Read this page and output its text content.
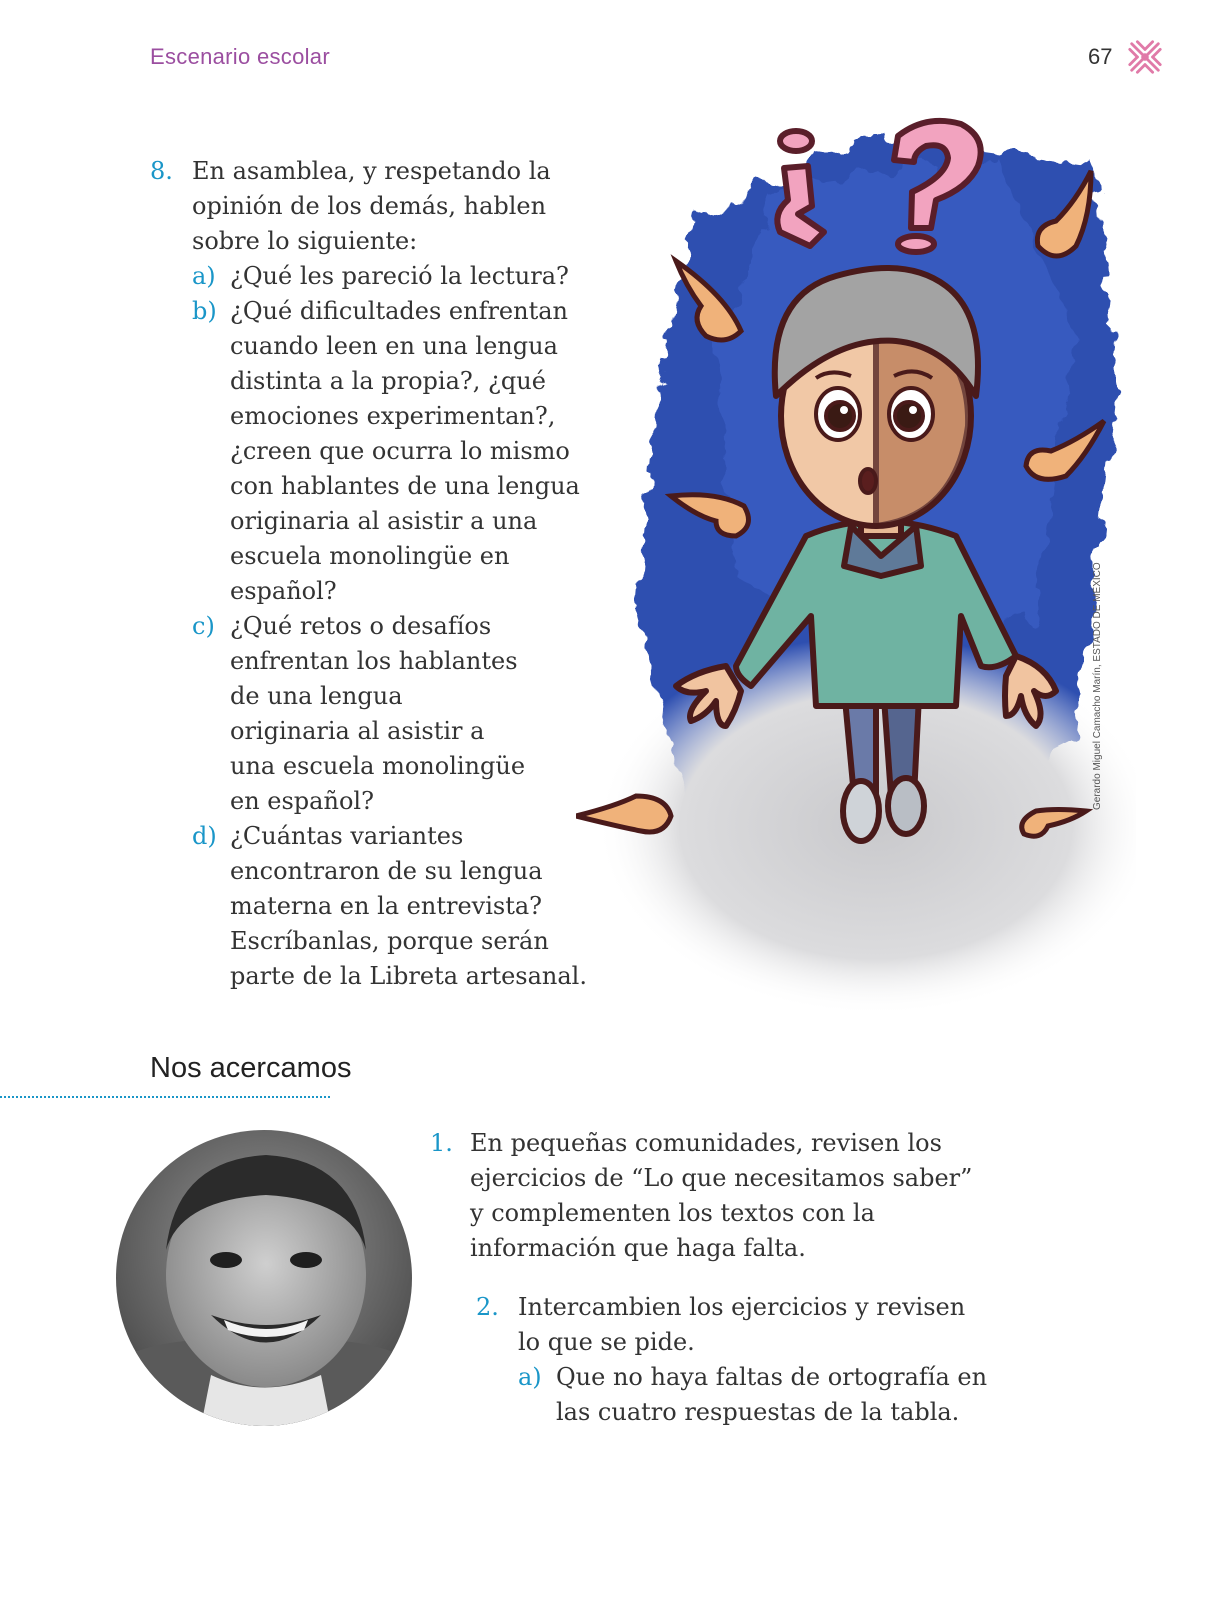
Escenario escolar	67
8. En asamblea, y respetando la opinión de los demás, hablen sobre lo siguiente:
a) ¿Qué les pareció la lectura?
b) ¿Qué dificultades enfrentan cuando leen en una lengua distinta a la propia?, ¿qué emociones experimentan?, ¿creen que ocurra lo mismo con hablantes de una lengua originaria al asistir a una escuela monolingüe en español?
c) ¿Qué retos o desafíos enfrentan los hablantes de una lengua originaria al asistir a una escuela monolingüe en español?
d) ¿Cuántas variantes encontraron de su lengua materna en la entrevista? Escríbanlas, porque serán parte de la Libreta artesanal.
Gerardo Miguel Camacho Marín, ESTADO DE MÉXICO
Nos acercamos
1. En pequeñas comunidades, revisen los ejercicios de “Lo que necesitamos saber” y complementen los textos con la información que haga falta.
2. Intercambien los ejercicios y revisen lo que se pide.
a) Que no haya faltas de ortografía en las cuatro respuestas de la tabla.
